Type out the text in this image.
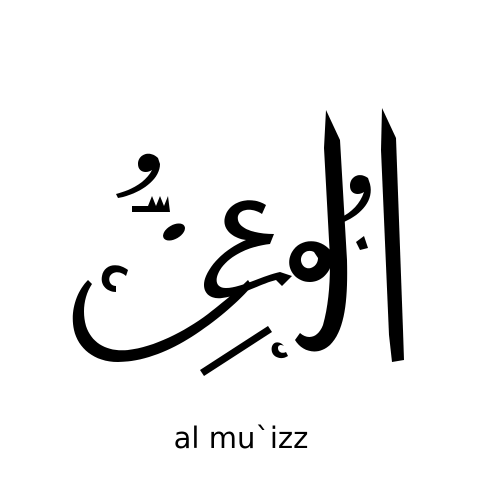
al mu`izz
